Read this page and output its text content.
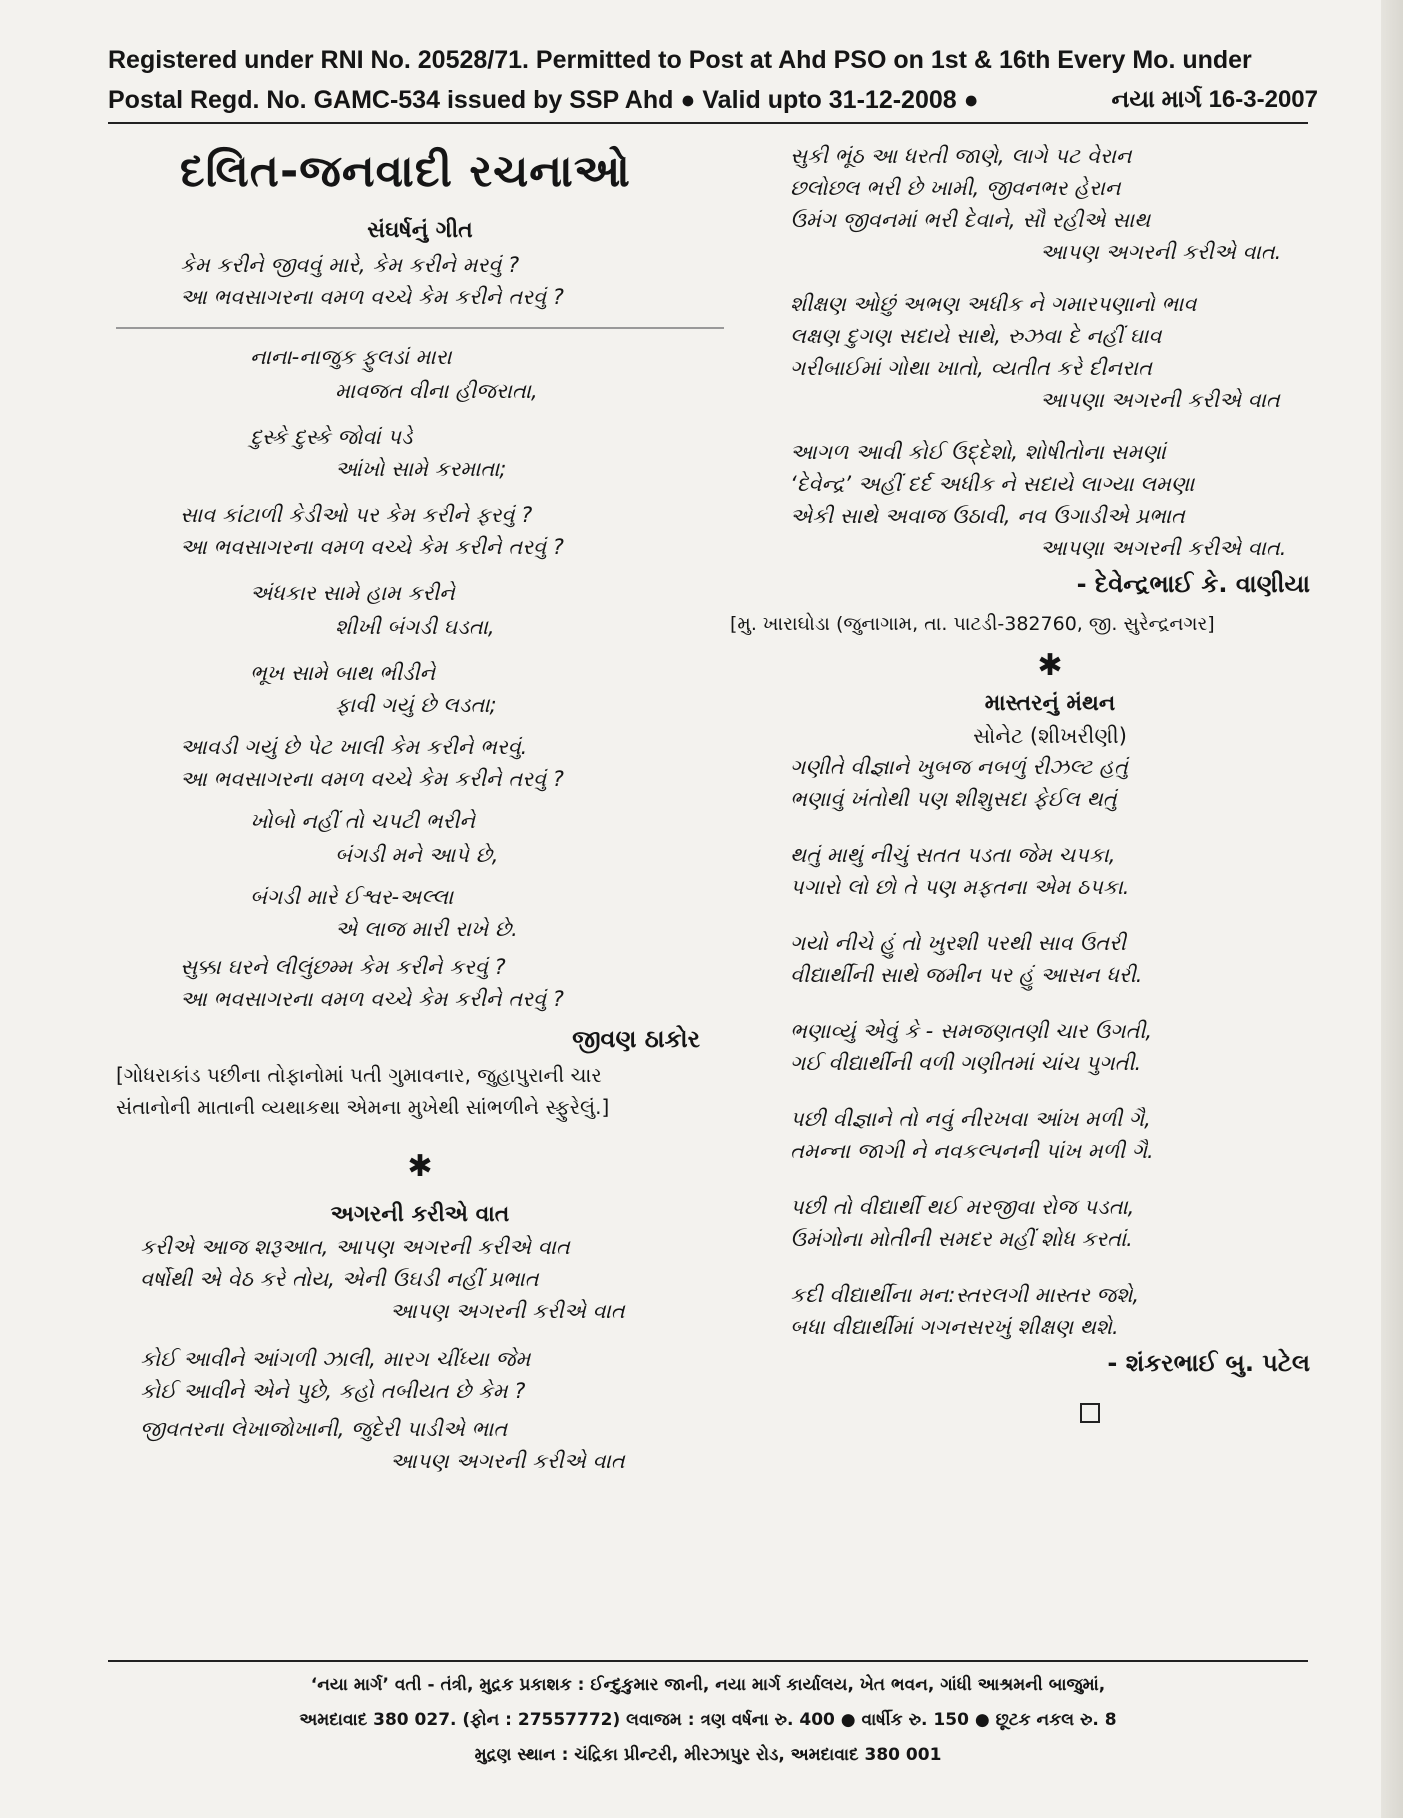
Registered under RNI No. 20528/71. Permitted to Post at Ahd PSO on 1st & 16th Every Mo. under
Postal Regd. No. GAMC-534 issued by SSP Ahd ● Valid upto 31-12-2008 ●	નયા માર્ગ 16-3-2007
દલિત-જનવાદી રચનાઓ
સંઘર્ષનું ગીત
કેમ કરીને જીવવું મારે, કેમ કરીને મરવું ?
આ ભવસાગરના વમળ વચ્ચે કેમ કરીને તરવું ?
નાના-નાજુક ફુલડાં મારા
માવજત વીના હીજરાતા,
દુસ્કે દુસ્કે જોવાં પડે
આંખો સામે કરમાતા;
સાવ કાંટાળી કેડીઓ પર કેમ કરીને ફરવું ?
આ ભવસાગરના વમળ વચ્ચે કેમ કરીને તરવું ?
અંધકાર સામે હામ કરીને
શીખી બંગડી ઘડતા,
ભૂખ સામે બાથ ભીડીને
ફાવી ગયું છે લડતા;
આવડી ગયું છે પેટ ખાલી કેમ કરીને ભરવું.
આ ભવસાગરના વમળ વચ્ચે કેમ કરીને તરવું ?
ખોબો નહીં તો ચપટી ભરીને
બંગડી મને આપે છે,
બંગડી મારે ઈશ્વર-અલ્લા
એ લાજ મારી રાખે છે.
સુક્કા ઘરને લીલુંછમ્મ કેમ કરીને કરવું ?
આ ભવસાગરના વમળ વચ્ચે કેમ કરીને તરવું ?
જીવણ ઠાકોર
[ગોધરાકાંડ પછીના તોફાનોમાં પતી ગુમાવનાર, જુહાપુરાની ચાર
સંતાનોની માતાની વ્યથાકથા એમના મુખેથી સાંભળીને સ્ફુરેલું.]
✱
અગરની કરીએ વાત
કરીએ આજ શરૂઆત, આપણ અગરની કરીએ વાત
વર્ષોથી એ વેઠ કરે તોય, એની ઉઘડી નહીં પ્રભાત
આપણ અગરની કરીએ વાત
કોઈ આવીને આંગળી ઝાલી, મારગ ચીંધ્યા જેમ
કોઈ આવીને એને પુછે, કહો તબીયત છે કેમ ?
જીવતરના લેખાજોખાની, જુદેરી પાડીએ ભાત
આપણ અગરની કરીએ વાત
સુકી ભૂંઠ આ ધરતી જાણે, લાગે પટ વેરાન
છલોછલ ભરી છે ખામી, જીવનભર હેરાન
ઉમંગ જીવનમાં ભરી દેવાને, સૌ રહીએ સાથ
આપણ અગરની કરીએ વાત.
શીક્ષણ ઓછું અભણ અધીક ને ગમારપણાનો ભાવ
લક્ષણ દુગણ સદાયે સાથે, રુઝવા દે નહીં ઘાવ
ગરીબાઈમાં ગોથા ખાતો, વ્યતીત કરે દીનરાત
આપણા અગરની કરીએ વાત
આગળ આવી કોઈ ઉદ્દેશો, શોષીતોના સમણાં
‘દેવેન્દ્ર’ અહીં દર્દ અધીક ને સદાયે લાગ્યા લમણા
એકી સાથે અવાજ ઉઠાવી, નવ ઉગાડીએ પ્રભાત
આપણા અગરની કરીએ વાત.
- દેવેન્દ્રભાઈ કે. વાણીયા
[મુ. ખારાઘોડા (જુનાગામ, તા. પાટડી-382760, જી. સુરેન્દ્રનગર]
✱
માસ્તરનું મંથન
સોનેટ (શીખરીણી)
ગણીતે વીજ્ઞાને ખુબજ નબળું રીઝલ્ટ હતું
ભણાવું ખંતોથી પણ શીશુસદા ફેઈલ થતું
થતું માથું નીચું સતત પડતા જેમ ચપકા,
પગારો લો છો તે પણ મફતના એમ ઠપકા.
ગયો નીચે હું તો ખુરશી પરથી સાવ ઉતરી
વીદ્યાર્થીની સાથે જમીન પર હું આસન ધરી.
ભણાવ્યું એવું કે - સમજણતણી ચાર ઉગતી,
ગઈ વીદ્યાર્થીની વળી ગણીતમાં ચાંચ પુગતી.
પછી વીજ્ઞાને તો નવું નીરખવા આંખ મળી ગૈ,
તમન્ના જાગી ને નવકલ્પનની પાંખ મળી ગૈ.
પછી તો વીદ્યાર્થી થઈ મરજીવા રોજ પડતા,
ઉમંગોના મોતીની સમદર મહીં શોધ કરતાં.
કદી વીદ્યાર્થીના મન:સ્તરલગી માસ્તર જશે,
બધા વીદ્યાર્થીમાં ગગનસરખું શીક્ષણ થશે.
- શંકરભાઈ બુ. પટેલ
‘નયા માર્ગ’ વતી - તંત્રી, મુદ્રક પ્રકાશક : ઈન્દુકુમાર જાની, નયા માર્ગ કાર્યાલય, ખેત ભવન, ગાંધી આશ્રમની બાજુમાં,
અમદાવાદ 380 027. (ફોન : 27557772) લવાજમ : ત્રણ વર્ષના રુ. 400 ● વાર્ષીક રુ. 150 ● છૂટક નકલ રુ. 8
મુદ્રણ સ્થાન : ચંદ્રિકા પ્રીન્ટરી, મીરઝાપુર રોડ, અમદાવાદ 380 001
